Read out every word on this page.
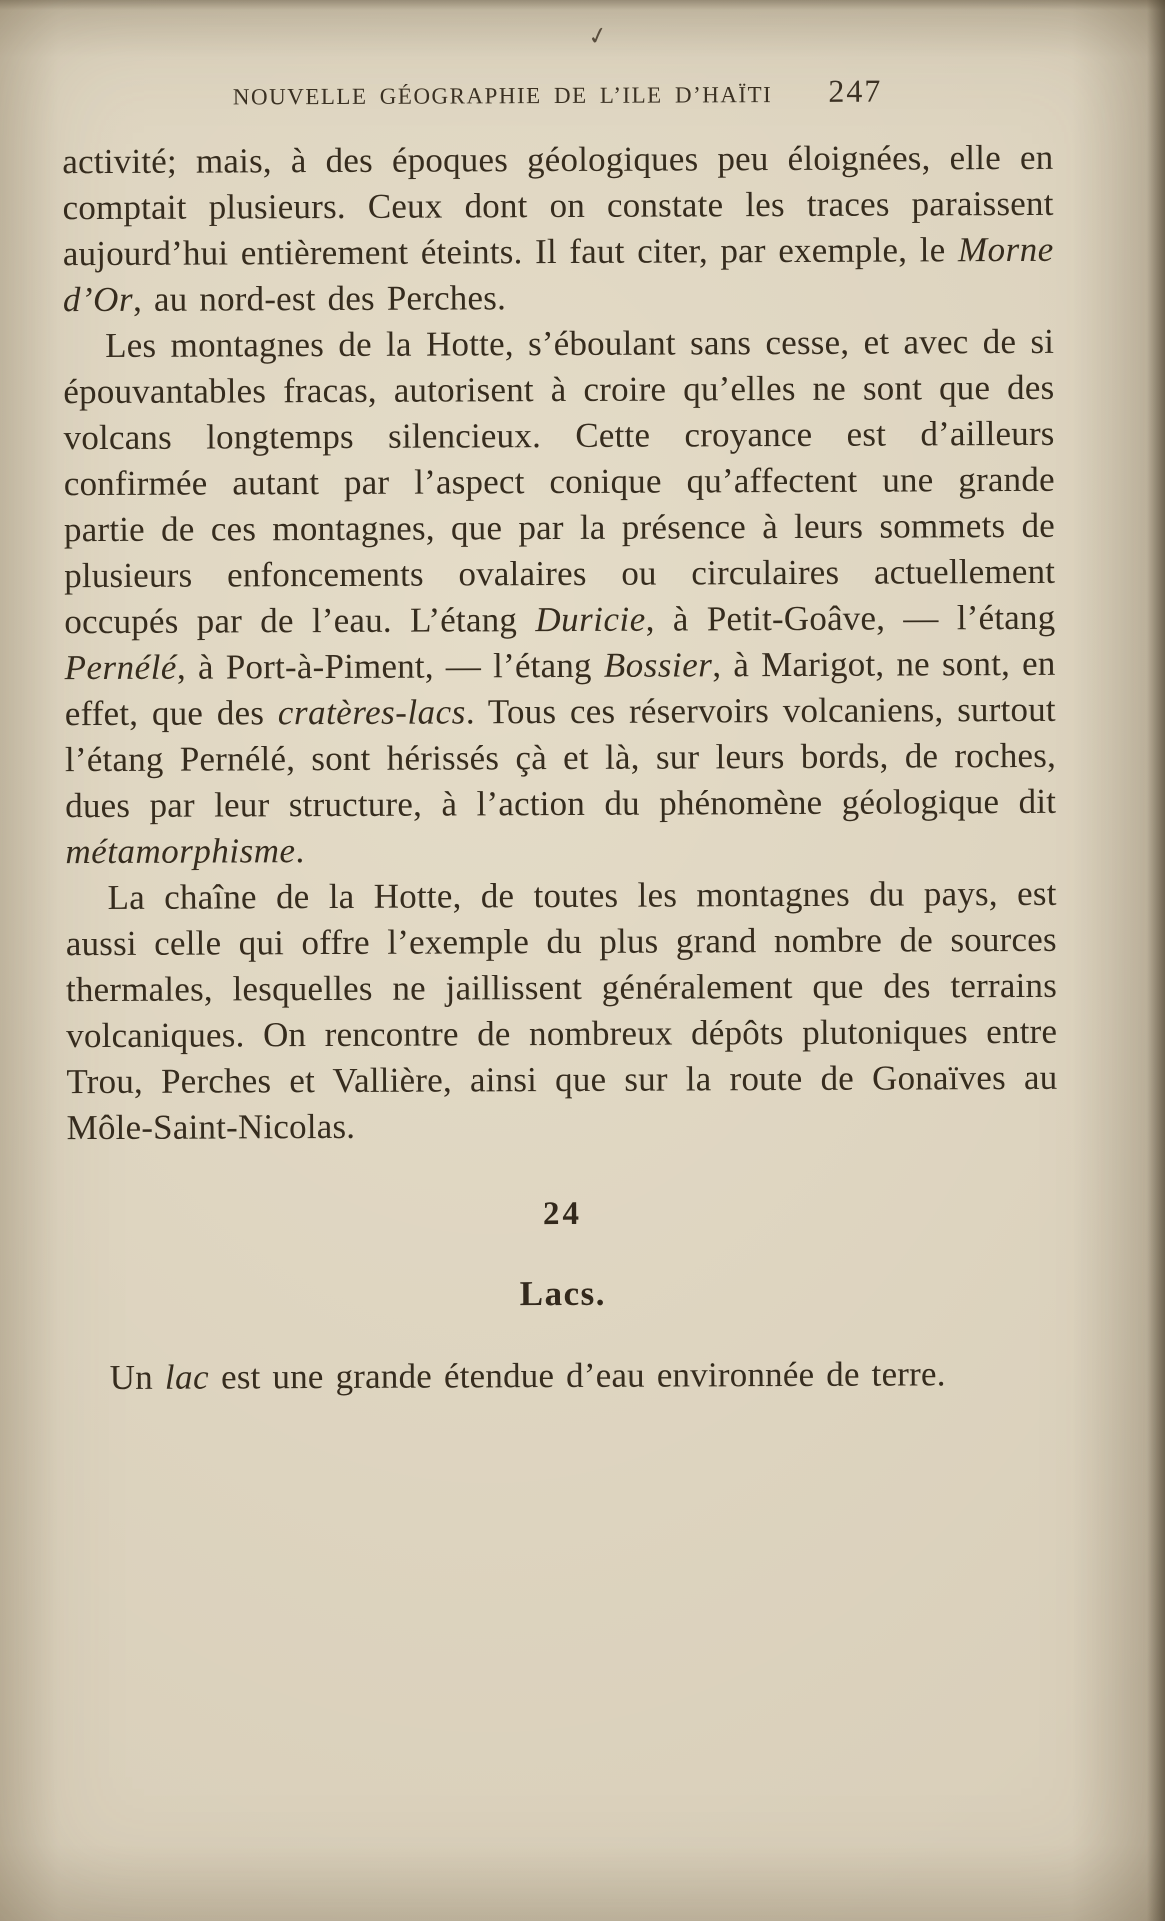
✓
NOUVELLE GÉOGRAPHIE DE L’ILE D’HAÏTI 247

activité; mais, à des époques géologiques peu éloignées, elle en comptait plusieurs. Ceux dont on constate les traces paraissent aujourd’hui entièrement éteints. Il faut citer, par exemple, le Morne d’Or, au nord-est des Perches.

Les montagnes de la Hotte, s’éboulant sans cesse, et avec de si épouvantables fracas, autorisent à croire qu’elles ne sont que des volcans longtemps silencieux. Cette croyance est d’ailleurs confirmée autant par l’aspect conique qu’affectent une grande partie de ces montagnes, que par la présence à leurs sommets de plusieurs enfoncements ovalaires ou circulaires actuellement occupés par de l’eau. L’étang Duricie, à Petit-Goâve, — l’étang Pernélé, à Port-à-Piment, — l’étang Bossier, à Marigot, ne sont, en effet, que des cratères-lacs. Tous ces réservoirs volcaniens, surtout l’étang Pernélé, sont hérissés çà et là, sur leurs bords, de roches, dues par leur structure, à l’action du phénomène géologique dit métamorphisme.

La chaîne de la Hotte, de toutes les montagnes du pays, est aussi celle qui offre l’exemple du plus grand nombre de sources thermales, lesquelles ne jaillissent généralement que des terrains volcaniques. On rencontre de nombreux dépôts plutoniques entre Trou, Perches et Vallière, ainsi que sur la route de Gonaïves au Môle-Saint-Nicolas.

24
Lacs.

Un lac est une grande étendue d’eau environnée de terre.
